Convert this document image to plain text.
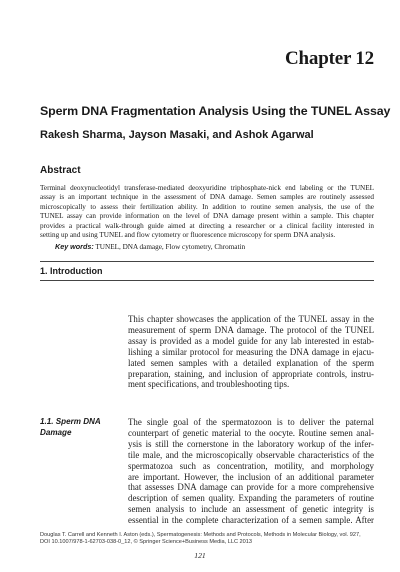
Chapter 12
Sperm DNA Fragmentation Analysis Using the TUNEL Assay
Rakesh Sharma, Jayson Masaki, and Ashok Agarwal
Abstract
Terminal deoxynucleotidyl transferase-mediated deoxyuridine triphosphate-nick end labeling or the TUNEL
assay is an important technique in the assessment of DNA damage. Semen samples are routinely assessed
microscopically to assess their fertilization ability. In addition to routine semen analysis, the use of the
TUNEL assay can provide information on the level of DNA damage present within a sample. This chapter
provides a practical walk-through guide aimed at directing a researcher or a clinical facility interested in
setting up and using TUNEL and flow cytometry or fluorescence microscopy for sperm DNA analysis.
Key words: TUNEL, DNA damage, Flow cytometry, Chromatin
1. Introduction
This chapter showcases the application of the TUNEL assay in the
measurement of sperm DNA damage. The protocol of the TUNEL
assay is provided as a model guide for any lab interested in estab-
lishing a similar protocol for measuring the DNA damage in ejacu-
lated semen samples with a detailed explanation of the sperm
preparation, staining, and inclusion of appropriate controls, instru-
ment specifications, and troubleshooting tips.
1.1. Sperm DNA
Damage
The single goal of the spermatozoon is to deliver the paternal
counterpart of genetic material to the oocyte. Routine semen anal-
ysis is still the cornerstone in the laboratory workup of the infer-
tile male, and the microscopically observable characteristics of the
spermatozoa such as concentration, motility, and morphology
are important. However, the inclusion of an additional parameter
that assesses DNA damage can provide for a more comprehensive
description of semen quality. Expanding the parameters of routine
semen analysis to include an assessment of genetic integrity is
essential in the complete characterization of a semen sample. After
Douglas T. Carrell and Kenneth I. Aston (eds.), Spermatogenesis: Methods and Protocols, Methods in Molecular Biology, vol. 927,
DOI 10.1007/978-1-62703-038-0_12, © Springer Science+Business Media, LLC 2013
121
